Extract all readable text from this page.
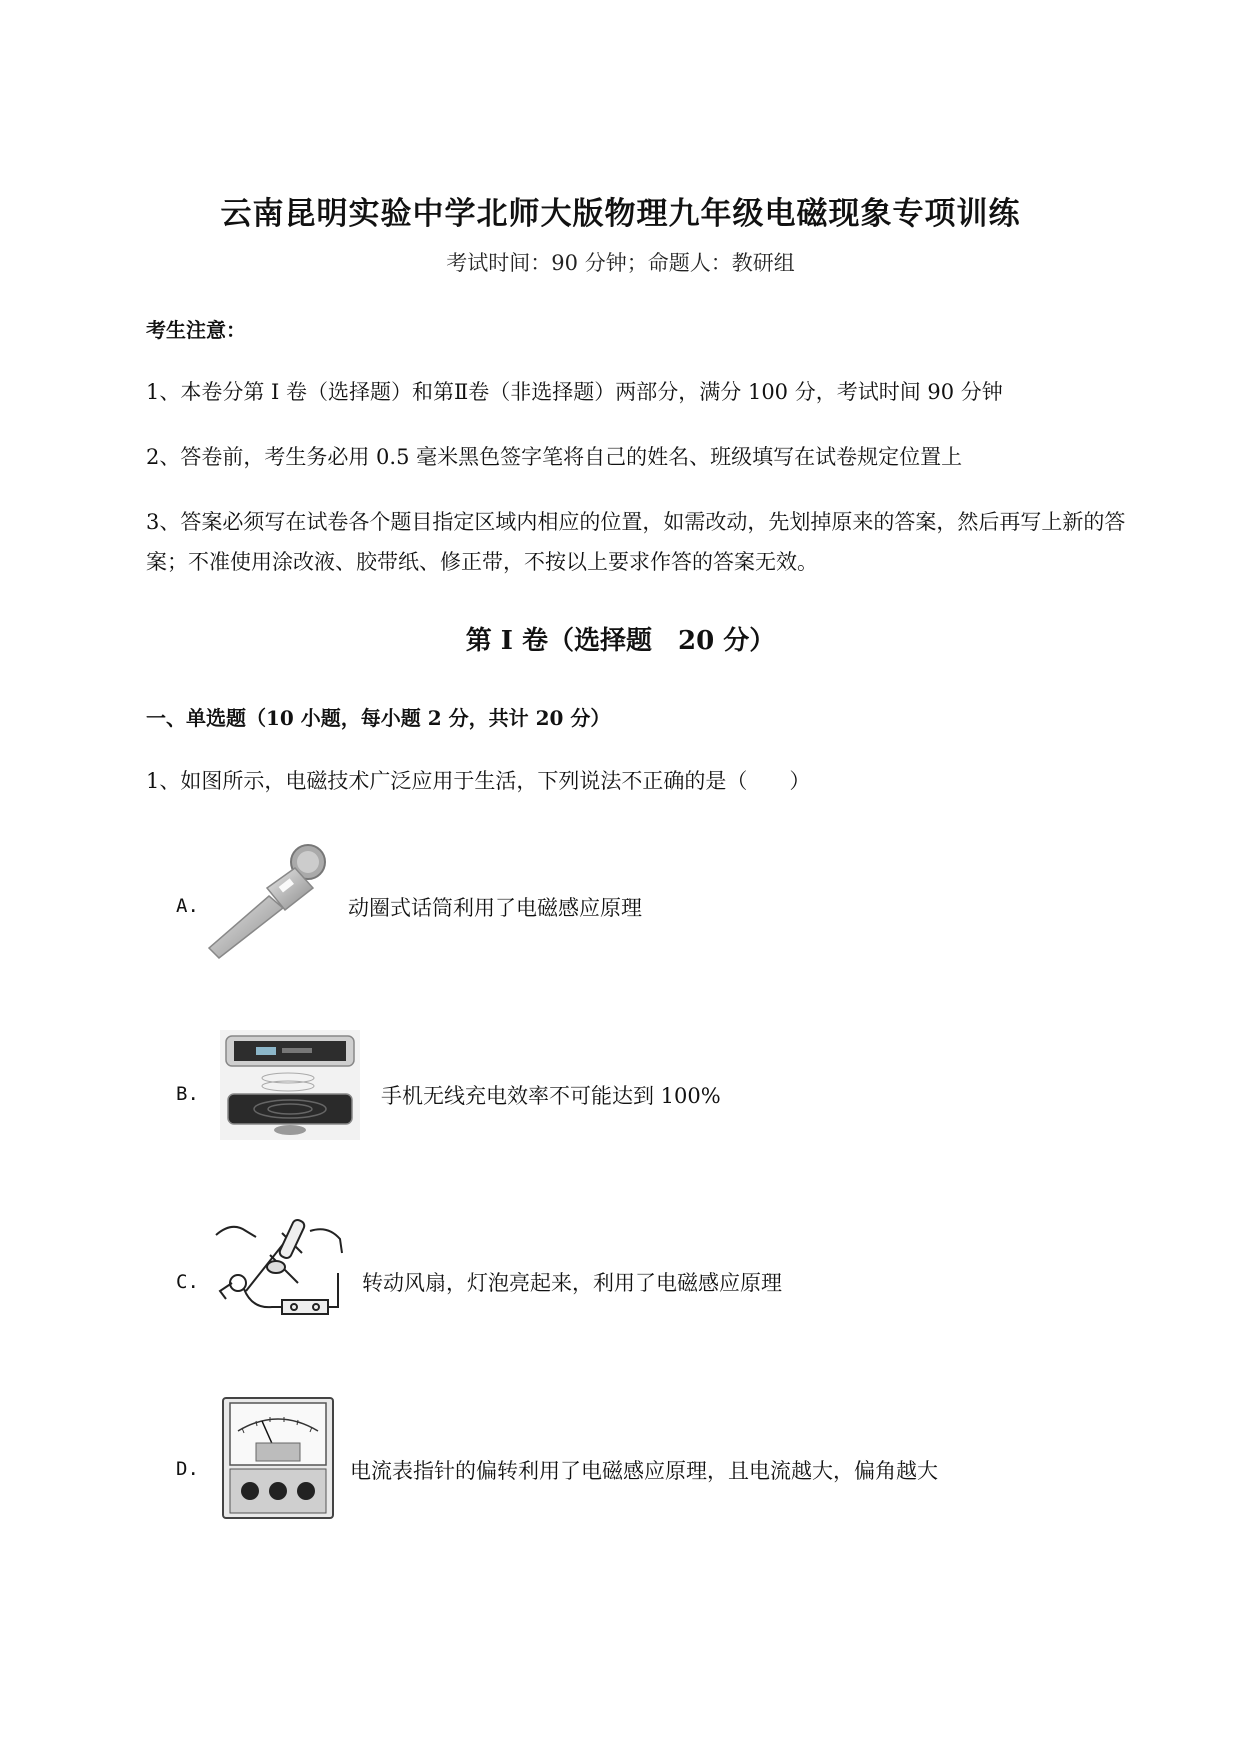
云南昆明实验中学北师大版物理九年级电磁现象专项训练
考试时间：90 分钟；命题人：教研组
考生注意：
1、本卷分第 I 卷（选择题）和第Ⅱ卷（非选择题）两部分，满分 100 分，考试时间 90 分钟
2、答卷前，考生务必用 0.5 毫米黑色签字笔将自己的姓名、班级填写在试卷规定位置上
3、答案必须写在试卷各个题目指定区域内相应的位置，如需改动，先划掉原来的答案，然后再写上新的答案；不准使用涂改液、胶带纸、修正带，不按以上要求作答的答案无效。
第 I 卷（选择题　20 分）
一、单选题（10 小题，每小题 2 分，共计 20 分）
1、如图所示，电磁技术广泛应用于生活，下列说法不正确的是（　　）
A.	动圈式话筒利用了电磁感应原理
B.	手机无线充电效率不可能达到 100%
C.	转动风扇，灯泡亮起来，利用了电磁感应原理
D.	电流表指针的偏转利用了电磁感应原理，且电流越大，偏角越大
